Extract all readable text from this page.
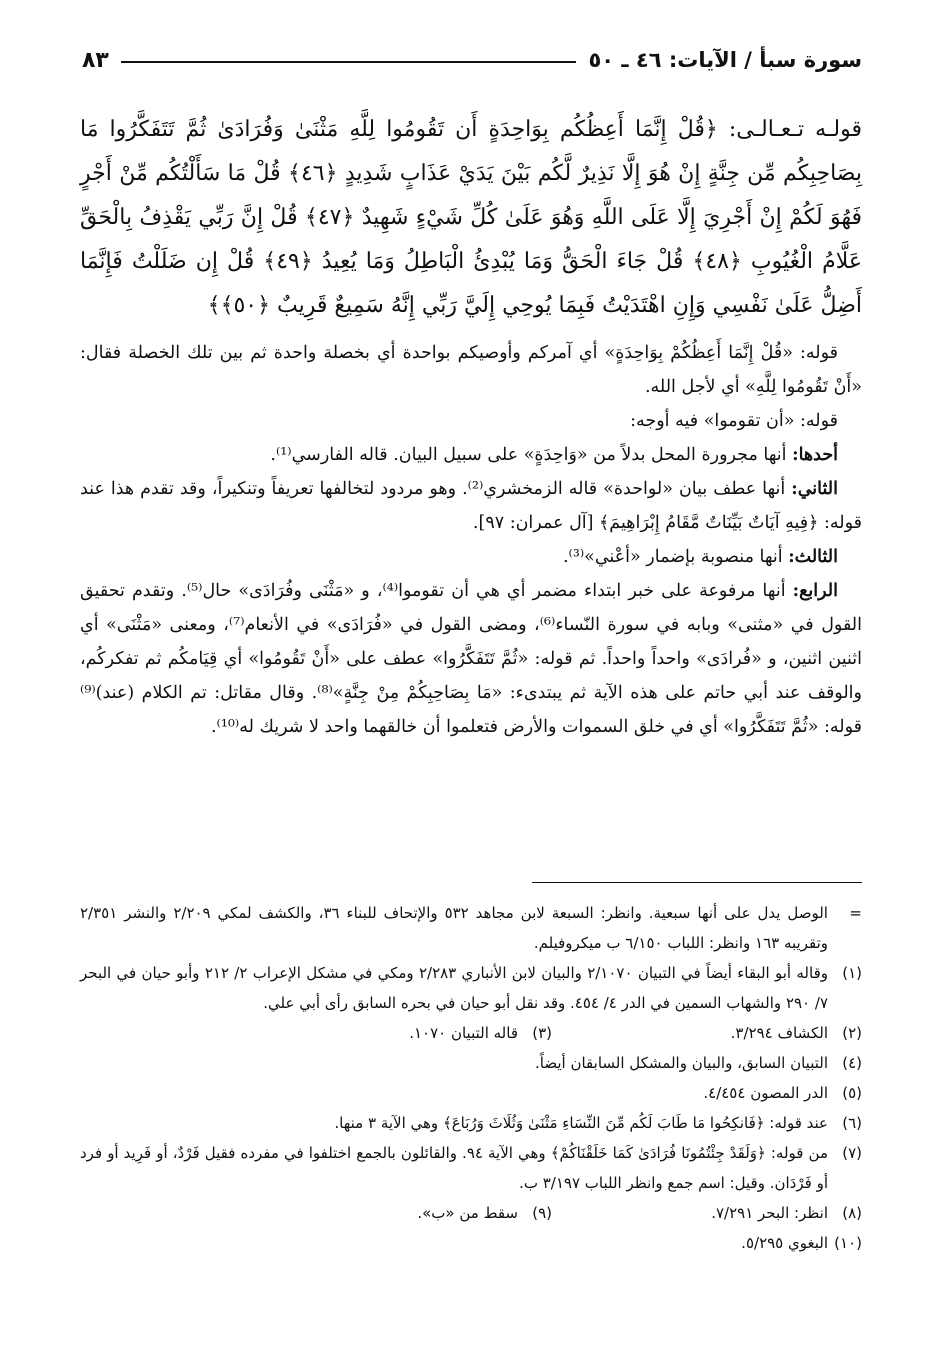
سورة سبأ / الآيات: ٤٦ ـ ٥٠
٨٣

قولـه تـعـالـى: ﴿قُلْ إِنَّمَا أَعِظُكُم بِوَاحِدَةٍ أَن تَقُومُوا لِلَّهِ مَثْنَىٰ وَفُرَادَىٰ ثُمَّ تَتَفَكَّرُوا مَا بِصَاحِبِكُم مِّن جِنَّةٍ إِنْ هُوَ إِلَّا نَذِيرٌ لَّكُم بَيْنَ يَدَيْ عَذَابٍ شَدِيدٍ ﴿٤٦﴾ قُلْ مَا سَأَلْتُكُم مِّنْ أَجْرٍ فَهُوَ لَكُمْ إِنْ أَجْرِيَ إِلَّا عَلَى اللَّهِ وَهُوَ عَلَىٰ كُلِّ شَيْءٍ شَهِيدٌ ﴿٤٧﴾ قُلْ إِنَّ رَبِّي يَقْذِفُ بِالْحَقِّ عَلَّامُ الْغُيُوبِ ﴿٤٨﴾ قُلْ جَاءَ الْحَقُّ وَمَا يُبْدِئُ الْبَاطِلُ وَمَا يُعِيدُ ﴿٤٩﴾ قُلْ إِن ضَلَلْتُ فَإِنَّمَا أَضِلُّ عَلَىٰ نَفْسِي وَإِنِ اهْتَدَيْتُ فَبِمَا يُوحِي إِلَيَّ رَبِّي إِنَّهُ سَمِيعٌ قَرِيبٌ ﴿٥٠﴾﴾

قوله: «قُلْ إِنَّمَا أَعِظُكُمْ بِوَاحِدَةٍ» أي آمركم وأوصيكم بواحدة أي بخصلة واحدة ثم بين تلك الخصلة فقال: «أَنْ تَقُومُوا لِلَّهِ» أي لأجل الله.

قوله: «أن تقوموا» فيه أوجه:

أحدها: أنها مجرورة المحل بدلاً من «وَاحِدَةٍ» على سبيل البيان. قاله الفارسي⁽¹⁾.

الثاني: أنها عطف بيان «لواحدة» قاله الزمخشري⁽²⁾. وهو مردود لتخالفها تعريفاً وتنكيراً، وقد تقدم هذا عند قوله: ﴿فِيهِ آيَاتٌ بَيِّنَاتٌ مَّقَامُ إِبْرَاهِيمَ﴾ [آل عمران: ٩٧].

الثالث: أنها منصوبة بإضمار «أعْني»⁽³⁾.

الرابع: أنها مرفوعة على خبر ابتداء مضمر أي هي أن تقوموا⁽⁴⁾، و «مَثْنَى وفُرَادَى» حال⁽⁵⁾. وتقدم تحقيق القول في «مثنى» وبابه في سورة النّساء⁽⁶⁾، ومضى القول في «فُرَادَى» في الأنعام⁽⁷⁾، ومعنى «مَثْنَى» أي اثنين اثنين، و «فُرادَى» واحداً واحداً. ثم قوله: «ثُمَّ تَتَفَكَّرُوا» عطف على «أَنْ تَقُومُوا» أي قِيَامكُم ثم تفكركُم، والوقف عند أبي حاتم على هذه الآية ثم يبتدىء: «مَا بِصَاحِبِكُمْ مِنْ جِنَّةٍ»⁽⁸⁾. وقال مقاتل: تم الكلام (عند)⁽⁹⁾ قوله: «ثُمَّ تَتَفَكَّرُوا» أي في خلق السموات والأرض فتعلموا أن خالقهما واحد لا شريك له⁽¹⁰⁾.

=
الوصل يدل على أنها سبعية. وانظر: السبعة لابن مجاهد ٥٣٢ والإتحاف للبناء ٣٦، والكشف لمكي ٢/٢٠٩ والنشر ٢/٣٥١ وتقريبه ١٦٣ وانظر: اللباب ٦/١٥٠ ب ميكروفيلم.
(١)
وقاله أبو البقاء أيضاً في التبيان ٢/١٠٧٠ والبيان لابن الأنباري ٢/٢٨٣ ومكي في مشكل الإعراب ٢/ ٢١٢ وأبو حيان في البحر ٧/ ٢٩٠ والشهاب السمين في الدر ٤/ ٤٥٤. وقد نقل أبو حيان في بحره السابق رأى أبي علي.
(٢)
الكشاف ٣/٢٩٤.
(٣)
قاله التبيان ١٠٧٠.
(٤)
التبيان السابق، والبيان والمشكل السابقان أيضاً.
(٥)
الدر المصون ٤/٤٥٤.
(٦)
عند قوله: ﴿فَانكِحُوا مَا طَابَ لَكُم مِّنَ النِّسَاءِ مَثْنَىٰ وَثُلَاثَ وَرُبَاعَ﴾ وهي الآية ٣ منها.
(٧)
من قوله: ﴿وَلَقَدْ جِئْتُمُونَا فُرَادَىٰ كَمَا خَلَقْنَاكُمْ﴾ وهي الآية ٩٤. والقائلون بالجمع اختلفوا في مفرده فقيل فَرْدٌ، أو فَرِيد أو فرد أو فَرْدَان. وقيل: اسم جمع وانظر اللباب ٣/١٩٧ ب.
(٨)
انظر: البحر ٧/٢٩١.
(٩)
سقط من «ب».
(١٠)
البغوي ٥/٢٩٥.
